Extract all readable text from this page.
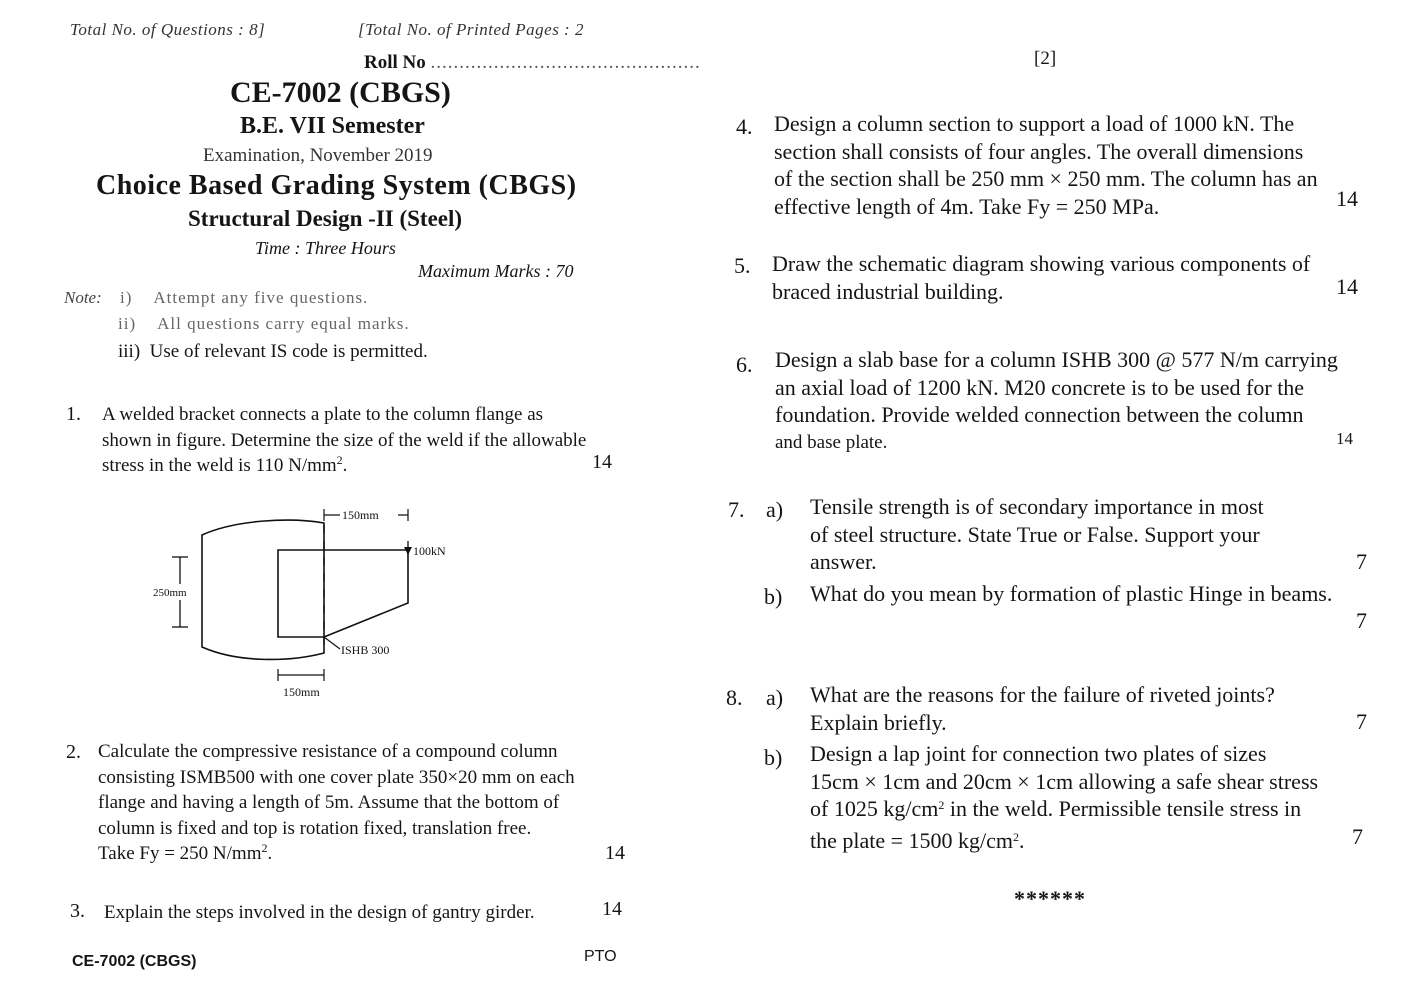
Total No. of Questions : 8]	[Total No. of Printed Pages : 2
Roll No ...............................................
CE-7002 (CBGS)
B.E. VII Semester
Examination, November 2019
Choice Based Grading System (CBGS)
Structural Design -II (Steel)
Time : Three Hours
Maximum Marks : 70
Note: i) Attempt any five questions.
ii) All questions carry equal marks.
iii) Use of relevant IS code is permitted.
1. A welded bracket connects a plate to the column flange as
shown in figure. Determine the size of the weld if the allowable
stress in the weld is 110 $N/mm^2$.	14
150mm
100kN
250mm
ISHB 300
150mm
2. Calculate the compressive resistance of a compound column
consisting ISMB500 with one cover plate 350×20 mm on each
flange and having a length of 5m. Assume that the bottom of
column is fixed and top is rotation fixed, translation free.
Take Fy = 250 $N/mm^2$.	14
3. Explain the steps involved in the design of gantry girder.	14
CE-7002 (CBGS)	PTO
[2]
4. Design a column section to support a load of 1000 kN. The
section shall consists of four angles. The overall dimensions
of the section shall be 250 mm × 250 mm. The column has an
effective length of 4m. Take Fy = 250 MPa.	14
5. Draw the schematic diagram showing various components of
braced industrial building.	14
6. Design a slab base for a column ISHB 300 @ 577 N/m carrying
an axial load of 1200 kN. M20 concrete is to be used for the
foundation. Provide welded connection between the column
and base plate.	14
7. a) Tensile strength is of secondary importance in most
of steel structure. State True or False. Support your
answer.	7
b) What do you mean by formation of plastic Hinge in beams.
7
8. a) What are the reasons for the failure of riveted joints?
Explain briefly.	7
b) Design a lap joint for connection two plates of sizes
15cm × 1cm and 20cm × 1cm allowing a safe shear stress
of 1025 $kg/cm^2$ in the weld. Permissible tensile stress in
the plate = 1500 $kg/cm^2$.	7
******
